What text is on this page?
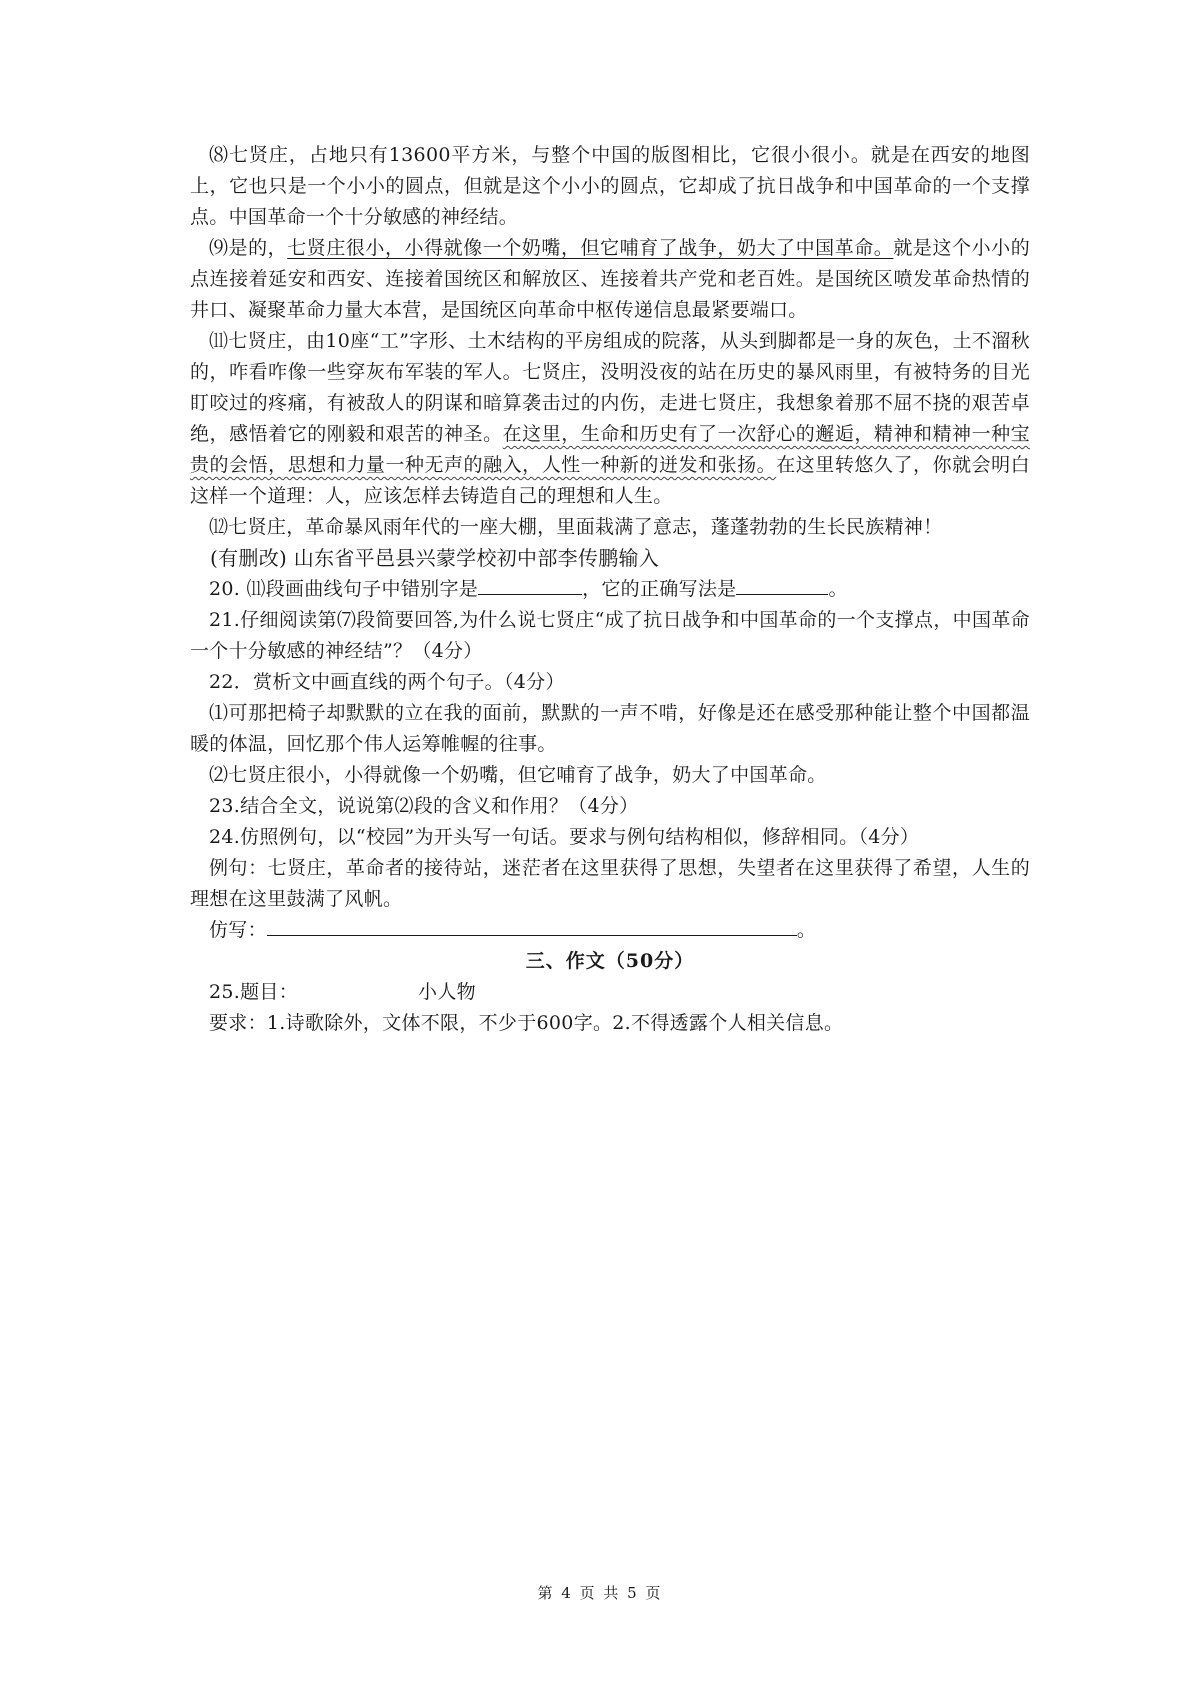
⑻七贤庄，占地只有13600平方米，与整个中国的版图相比，它很小很小。就是在西安的地图上，它也只是一个小小的圆点，但就是这个小小的圆点，它却成了抗日战争和中国革命的一个支撑点。中国革命一个十分敏感的神经结。

⑼是的，七贤庄很小，小得就像一个奶嘴，但它哺育了战争，奶大了中国革命。就是这个小小的点连接着延安和西安、连接着国统区和解放区、连接着共产党和老百姓。是国统区喷发革命热情的井口、凝聚革命力量大本营，是国统区向革命中枢传递信息最紧要端口。

⑾七贤庄，由10座“工”字形、土木结构的平房组成的院落，从头到脚都是一身的灰色，土不溜秋的，咋看咋像一些穿灰布军装的军人。七贤庄，没明没夜的站在历史的暴风雨里，有被特务的目光盯咬过的疼痛，有被敌人的阴谋和暗算袭击过的内伤，走进七贤庄，我想象着那不屈不挠的艰苦卓绝，感悟着它的刚毅和艰苦的神圣。在这里，生命和历史有了一次舒心的邂逅，精神和精神一种宝贵的会悟，思想和力量一种无声的融入，人性一种新的迸发和张扬。在这里转悠久了，你就会明白这样一个道理：人，应该怎样去铸造自己的理想和人生。

⑿七贤庄，革命暴风雨年代的一座大棚，里面栽满了意志，蓬蓬勃勃的生长民族精神！

(有删改) 山东省平邑县兴蒙学校初中部李传鹏输入

20. ⑾段画曲线句子中错别字是	，它的正确写法是	。

21.仔细阅读第⑺段简要回答,为什么说七贤庄“成了抗日战争和中国革命的一个支撑点，中国革命一个十分敏感的神经结”？（4分）

22．赏析文中画直线的两个句子。（4分）

⑴可那把椅子却默默的立在我的面前，默默的一声不啃，好像是还在感受那种能让整个中国都温暖的体温，回忆那个伟人运筹帷幄的往事。

⑵七贤庄很小，小得就像一个奶嘴，但它哺育了战争，奶大了中国革命。

23.结合全文，说说第⑵段的含义和作用？（4分）

24.仿照例句，以“校园”为开头写一句话。要求与例句结构相似，修辞相同。（4分）

例句：七贤庄，革命者的接待站，迷茫者在这里获得了思想，失望者在这里获得了希望，人生的理想在这里鼓满了风帆。

仿写：	。

三、作文（50分）

25.题目：	小人物

要求：1.诗歌除外，文体不限，不少于600字。2.不得透露个人相关信息。

第 4 页 共 5 页
